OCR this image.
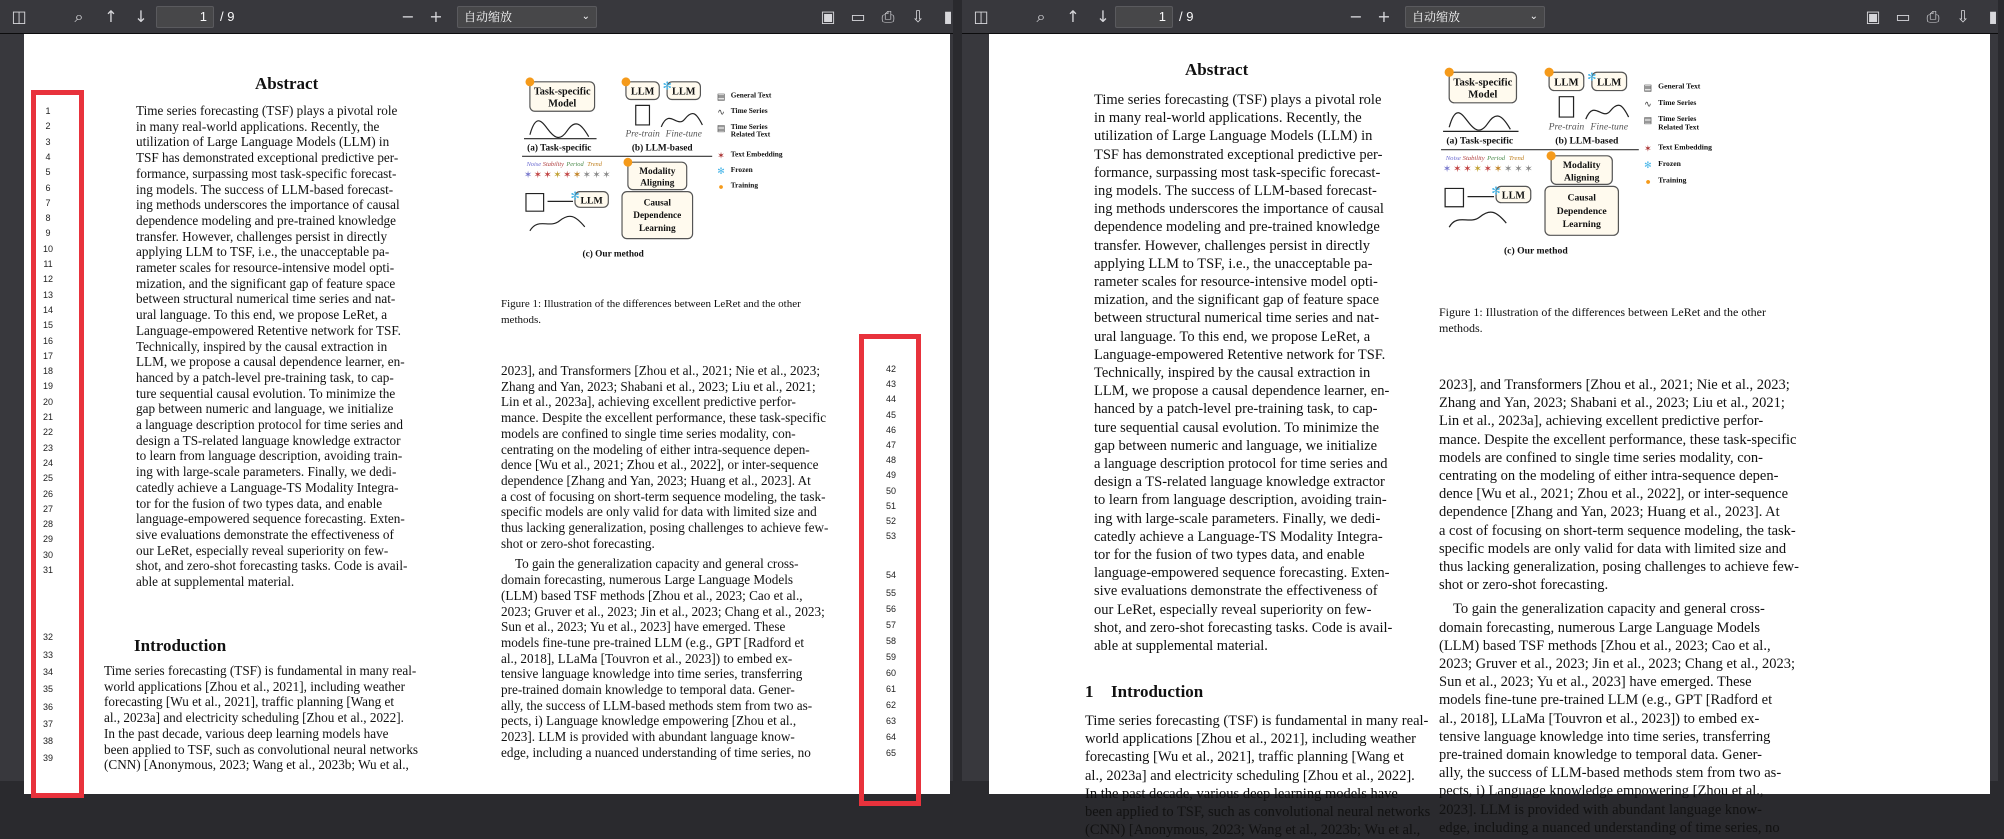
◫	⌕	↑ ↓	1	/ 9	− +	自动缩放	⌄	▣ ▭ ⎙ ⇩	▮
Abstract
Time series forecasting (TSF) plays a pivotal role
in many real-world applications. Recently, the
utilization of Large Language Models (LLM) in
TSF has demonstrated exceptional predictive per-
formance, surpassing most task-specific forecast-
ing models. The success of LLM-based forecast-
ing methods underscores the importance of causal
dependence modeling and pre-trained knowledge
transfer. However, challenges persist in directly
applying LLM to TSF, i.e., the unacceptable pa-
rameter scales for resource-intensive model opti-
mization, and the significant gap of feature space
between structural numerical time series and nat-
ural language. To this end, we propose LeRet, a
Language-empowered Retentive network for TSF.
Technically, inspired by the causal extraction in
LLM, we propose a causal dependence learner, en-
hanced by a patch-level pre-training task, to cap-
ture sequential causal evolution. To minimize the
gap between numeric and language, we initialize
a language description protocol for time series and
design a TS-related language knowledge extractor
to learn from language description, avoiding train-
ing with large-scale parameters. Finally, we dedi-
catedly achieve a Language-TS Modality Integra-
tor for the fusion of two types data, and enable
language-empowered sequence forecasting. Exten-
sive evaluations demonstrate the effectiveness of
our LeRet, especially reveal superiority on few-
shot, and zero-shot forecasting tasks. Code is avail-
able at supplemental material.
Introduction
Time series forecasting (TSF) is fundamental in many real-
world applications [Zhou et al., 2021], including weather
forecasting [Wu et al., 2021], traffic planning [Wang et
al., 2023a] and electricity scheduling [Zhou et al., 2022].
In the past decade, various deep learning models have
been applied to TSF, such as convolutional neural networks
(CNN) [Anonymous, 2023; Wang et al., 2023b; Wu et al.,
Task-specific
Model
(a) Task-specific
LLM
Pre-train
LLM
✻
Fine-tune
(b) LLM-based
▤
∿
▤
✶
✻
●
General Text
Time Series
Time Series
Related Text
Text Embedding
Frozen
Training
Noise Stability Period Trend
✶ ✶ ✶ ✶ ✶ ✶ ✶ ✶ ✶	Modality
Aligning
LLM
✻
Causal
Dependence
Learning
(c) Our method
Figure 1: Illustration of the differences between LeRet and the other
methods.
2023], and Transformers [Zhou et al., 2021; Nie et al., 2023;
Zhang and Yan, 2023; Shabani et al., 2023; Liu et al., 2021;
Lin et al., 2023a], achieving excellent predictive perfor-
mance. Despite the excellent performance, these task-specific
models are confined to single time series modality, con-
centrating on the modeling of either intra-sequence depen-
dence [Wu et al., 2021; Zhou et al., 2022], or inter-sequence
dependence [Zhang and Yan, 2023; Huang et al., 2023]. At
a cost of focusing on short-term sequence modeling, the task-
specific models are only valid for data with limited size and
thus lacking generalization, posing challenges to achieve few-
shot or zero-shot forecasting.
To gain the generalization capacity and general cross-
domain forecasting, numerous Large Language Models
(LLM) based TSF methods [Zhou et al., 2023; Cao et al.,
2023; Gruver et al., 2023; Jin et al., 2023; Chang et al., 2023;
Sun et al., 2023; Yu et al., 2023] have emerged. These
models fine-tune pre-trained LLM (e.g., GPT [Radford et
al., 2018], LLaMa [Touvron et al., 2023]) to embed ex-
tensive language knowledge into time series, transferring
pre-trained domain knowledge to temporal data. Gener-
ally, the success of LLM-based methods stem from two as-
pects, i) Language knowledge empowering [Zhou et al.,
2023]. LLM is provided with abundant language know-
edge, including a nuanced understanding of time series, no
1
2
3
4
5
6
7
8
9
10
11
12
13
14
15
16
17
18
19
20
21
22
23
24
25
26
27
28
29
30
31
32
33
34
35
36
37
38
39
42
43
44
45
46
47
48
49
50
51
52
53
54
55
56
57
58
59
60
61
62
63
64
65
◫	⌕	↑ ↓	1	/ 9	− +	自动缩放	⌄	▣ ▭ ⎙ ⇩	▮
Abstract
Time series forecasting (TSF) plays a pivotal role
in many real-world applications. Recently, the
utilization of Large Language Models (LLM) in
TSF has demonstrated exceptional predictive per-
formance, surpassing most task-specific forecast-
ing models. The success of LLM-based forecast-
ing methods underscores the importance of causal
dependence modeling and pre-trained knowledge
transfer. However, challenges persist in directly
applying LLM to TSF, i.e., the unacceptable pa-
rameter scales for resource-intensive model opti-
mization, and the significant gap of feature space
between structural numerical time series and nat-
ural language. To this end, we propose LeRet, a
Language-empowered Retentive network for TSF.
Technically, inspired by the causal extraction in
LLM, we propose a causal dependence learner, en-
hanced by a patch-level pre-training task, to cap-
ture sequential causal evolution. To minimize the
gap between numeric and language, we initialize
a language description protocol for time series and
design a TS-related language knowledge extractor
to learn from language description, avoiding train-
ing with large-scale parameters. Finally, we dedi-
catedly achieve a Language-TS Modality Integra-
tor for the fusion of two types data, and enable
language-empowered sequence forecasting. Exten-
sive evaluations demonstrate the effectiveness of
our LeRet, especially reveal superiority on few-
shot, and zero-shot forecasting tasks. Code is avail-
able at supplemental material.
1 Introduction
Time series forecasting (TSF) is fundamental in many real-
world applications [Zhou et al., 2021], including weather
forecasting [Wu et al., 2021], traffic planning [Wang et
al., 2023a] and electricity scheduling [Zhou et al., 2022].
In the past decade, various deep learning models have
been applied to TSF, such as convolutional neural networks
(CNN) [Anonymous, 2023; Wang et al., 2023b; Wu et al.,
Task-specific
Model
(a) Task-specific
LLM
Pre-train
LLM
✻
Fine-tune
(b) LLM-based
▤
∿
▤
✶
✻
●
General Text
Time Series
Time Series
Related Text
Text Embedding
Frozen
Training
Noise Stability Period Trend
✶ ✶ ✶ ✶ ✶ ✶ ✶ ✶ ✶	Modality
Aligning
LLM
✻
Causal
Dependence
Learning
(c) Our method
Figure 1: Illustration of the differences between LeRet and the other
methods.
2023], and Transformers [Zhou et al., 2021; Nie et al., 2023;
Zhang and Yan, 2023; Shabani et al., 2023; Liu et al., 2021;
Lin et al., 2023a], achieving excellent predictive perfor-
mance. Despite the excellent performance, these task-specific
models are confined to single time series modality, con-
centrating on the modeling of either intra-sequence depen-
dence [Wu et al., 2021; Zhou et al., 2022], or inter-sequence
dependence [Zhang and Yan, 2023; Huang et al., 2023]. At
a cost of focusing on short-term sequence modeling, the task-
specific models are only valid for data with limited size and
thus lacking generalization, posing challenges to achieve few-
shot or zero-shot forecasting.
To gain the generalization capacity and general cross-
domain forecasting, numerous Large Language Models
(LLM) based TSF methods [Zhou et al., 2023; Cao et al.,
2023; Gruver et al., 2023; Jin et al., 2023; Chang et al., 2023;
Sun et al., 2023; Yu et al., 2023] have emerged. These
models fine-tune pre-trained LLM (e.g., GPT [Radford et
al., 2018], LLaMa [Touvron et al., 2023]) to embed ex-
tensive language knowledge into time series, transferring
pre-trained domain knowledge to temporal data. Gener-
ally, the success of LLM-based methods stem from two as-
pects, i) Language knowledge empowering [Zhou et al.,
2023]. LLM is provided with abundant language know-
edge, including a nuanced understanding of time series, no
